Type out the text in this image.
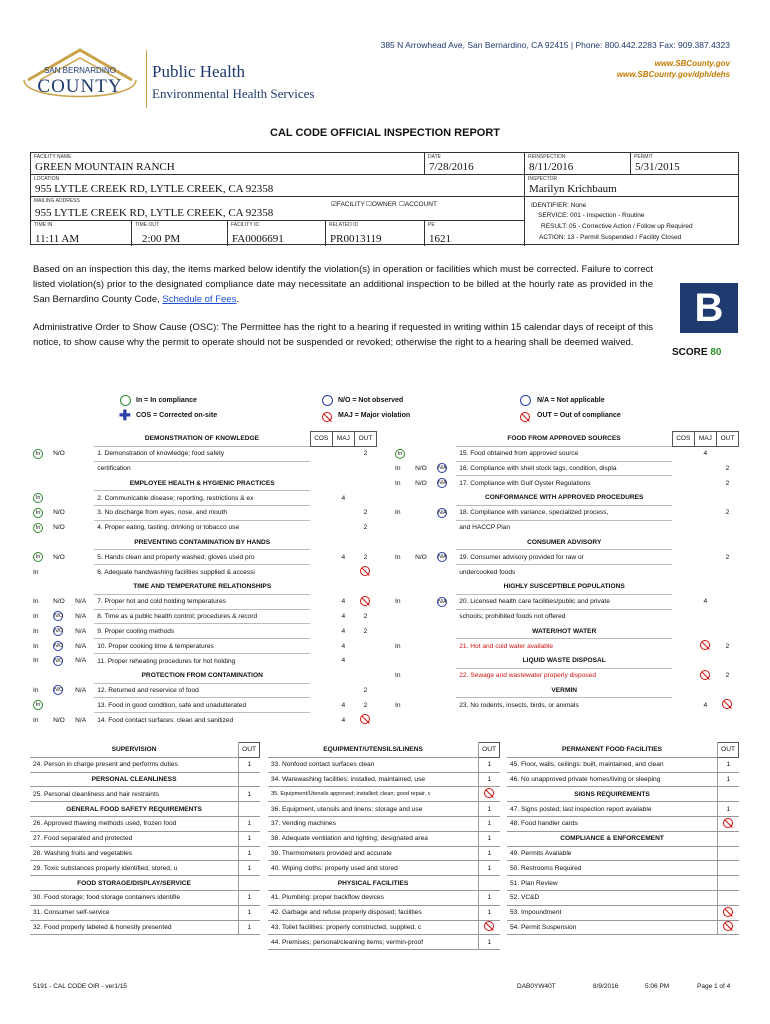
SAN BERNARDINO
COUNTY
Public Health
Environmental Health Services
385 N Arrowhead Ave, San Bernardino, CA 92415 | Phone: 800.442.2283 Fax: 909.387.4323
www.SBCounty.gov
www.SBCounty.gov/dph/dehs
CAL CODE OFFICIAL INSPECTION REPORT
FACILITY NAME
GREEN MOUNTAIN RANCH
DATE
7/28/2016
REINSPECTION
8/11/2016
PERMIT
5/31/2015
LOCATION
955 LYTLE CREEK RD, LYTLE CREEK, CA 92358
INSPECTOR
Marilyn Krichbaum
MAILING ADDRESS	☑FACILITY ☐OWNER ☐ACCOUNT
955 LYTLE CREEK RD, LYTLE CREEK, CA 92358
TIME IN
11:11 AM
TIME OUT
2:00 PM
FACILITY ID
FA0006691
RELATED ID
PR0013119
PE
1621
IDENTIFIER: None
SERVICE: 001 - Inspection - Routine
RESULT: 05 - Corrective Action / Follow up Required
ACTION: 13 - Permit Suspended / Facility Closed
Based on an inspection this day, the items marked below identify the violation(s) in operation or facilities which must be corrected. Failure to correct listed violation(s) prior to the designated compliance date may necessitate an additional inspection to be billed at the hourly rate as provided in the San Bernardino County Code, Schedule of Fees.
Administrative Order to Show Cause (OSC): The Permittee has the right to a hearing if requested in writing within 15 calendar days of receipt of this notice, to show cause why the permit to operate should not be suspended or revoked; otherwise the right to a hearing shall be deemed waived.
B
SCORE 80
In = In compliance
✚ COS = Corrected on-site
N/O = Not observed
MAJ = Major violation
N/A = Not applicable
OUT = Out of compliance
			DEMONSTRATION OF KNOWLEDGE	COS	MAJ	OUT
In	N/O		1. Demonstration of knowledge; food safety			2
			certification			
			EMPLOYEE HEALTH & HYGIENIC PRACTICES			
In			2. Communicable disease; reporting, restrictions & ex		4	
In	N/O		3. No discharge from eyes, nose, and mouth			2
In	N/O		4. Proper eating, tasting, drinking or tobacco use			2
			PREVENTING CONTAMINATION BY HANDS			
In	N/O		5. Hands clean and properly washed; gloves used pro		4	2
In			6. Adequate handwashing facilities supplied & accessi			
			TIME AND TEMPERATURE RELATIONSHIPS			
In	N/O	N/A	7. Proper hot and cold holding temperatures		4	
In	N/O	N/A	8. Time as a public health control; procedures & record		4	2
In	N/O	N/A	9. Proper cooling methods		4	2
In	N/O	N/A	10. Proper cooking time & temperatures		4	
In	N/O	N/A	11. Proper reheating procedures for hot holding		4	
			PROTECTION FROM CONTAMINATION			
In	N/O	N/A	12. Returned and reservice of food			2
In			13. Food in good condition, safe and unadulterated		4	2
In	N/O	N/A	14. Food contact surfaces: clean and sanitized		4	
			FOOD FROM APPROVED SOURCES	COS	MAJ	OUT
In			15. Food obtained from approved source		4	
In	N/O	N/A	16. Compliance with shell stock tags, condition, displa			2
In	N/O	N/A	17. Compliance with Gulf Oyster Regulations			2
			CONFORMANCE WITH APPROVED PROCEDURES			
In		N/A	18. Compliance with variance, specialized process,			2
			and HACCP Plan			
			CONSUMER ADVISORY			
In	N/O	N/A	19. Consumer advisory provided for raw or			2
			undercooked foods			
			HIGHLY SUSCEPTIBLE POPULATIONS			
In		N/A	20. Licensed health care facilities/public and private		4	
			schools; prohibited foods not offered			
			WATER/HOT WATER			
In			21. Hot and cold water available			2
			LIQUID WASTE DISPOSAL			
In			22. Sewage and wastewater properly disposed			2
			VERMIN			
In			23. No rodents, insects, birds, or animals		4	
SUPERVISION	OUT
24. Person in charge present and performs duties	1
PERSONAL CLEANLINESS	
25. Personal cleanliness and hair restraints	1
GENERAL FOOD SAFETY REQUIREMENTS	
26. Approved thawing methods used, frozen food	1
27. Food separated and protected	1
28. Washing fruits and vegetables	1
29. Toxic substances properly identified, stored, u	1
FOOD STORAGE/DISPLAY/SERVICE	
30. Food storage; food storage containers identifie	1
31. Consumer self-service	1
32. Food properly labeled & honestly presented	1
EQUIPMENT/UTENSILS/LINENS	OUT
33. Nonfood contact surfaces clean	1
34. Warewashing facilities: installed, maintained, use	1
35. Equipment/Utensils approved; installed; clean; good repair, c	
36. Equipment, utensils and linens: storage and use	1
37. Vending machines	1
38. Adequate ventilation and lighting; designated area	1
39. Thermometers provided and accurate	1
40. Wiping cloths: properly used and stored	1
PHYSICAL FACILITIES	
41. Plumbing: proper backflow devices	1
42. Garbage and refuse properly disposed; facilities	1
43. Toilet facilities: properly constructed, supplied, c	
44. Premises; personal/cleaning items; vermin-proof	1
PERMANENT FOOD FACILITIES	OUT
45. Floor, walls, ceilings: built, maintained, and clean	1
46. No unapproved private homes/living or sleeping	1
SIGNS REQUIREMENTS	
47. Signs posted; last inspection report available	1
48. Food handler cards	
COMPLIANCE & ENFORCEMENT	
49. Permits Available	
50. Restrooms Required	
51. Plan Review	
52. VC&D	
53. Impoundment	
54. Permit Suspension	
5191 - CAL CODE OIR - ver1/15	DAB0YW40T	8/9/2016	5:06 PM	Page 1 of 4
